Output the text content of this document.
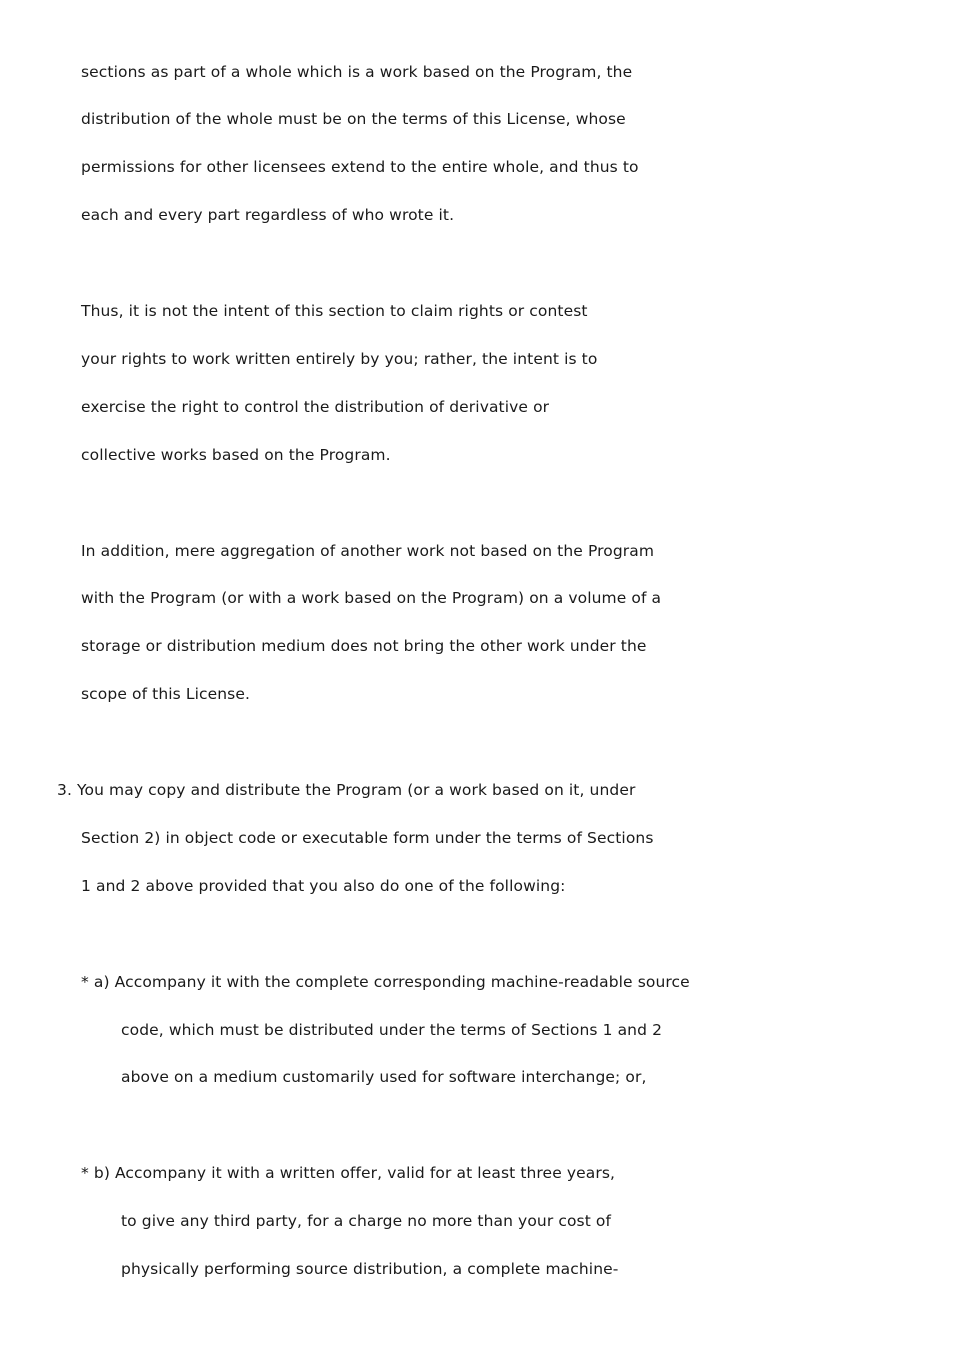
sections as part of a whole which is a work based on the Program, the
distribution of the whole must be on the terms of this License, whose
permissions for other licensees extend to the entire whole, and thus to
each and every part regardless of who wrote it.
Thus, it is not the intent of this section to claim rights or contest
your rights to work written entirely by you; rather, the intent is to
exercise the right to control the distribution of derivative or
collective works based on the Program.
In addition, mere aggregation of another work not based on the Program
with the Program (or with a work based on the Program) on a volume of a
storage or distribution medium does not bring the other work under the
scope of this License.
3. You may copy and distribute the Program (or a work based on it, under
Section 2) in object code or executable form under the terms of Sections
1 and 2 above provided that you also do one of the following:
* a) Accompany it with the complete corresponding machine-readable source
code, which must be distributed under the terms of Sections 1 and 2
above on a medium customarily used for software interchange; or,
* b) Accompany it with a written offer, valid for at least three years,
to give any third party, for a charge no more than your cost of
physically performing source distribution, a complete machine-
